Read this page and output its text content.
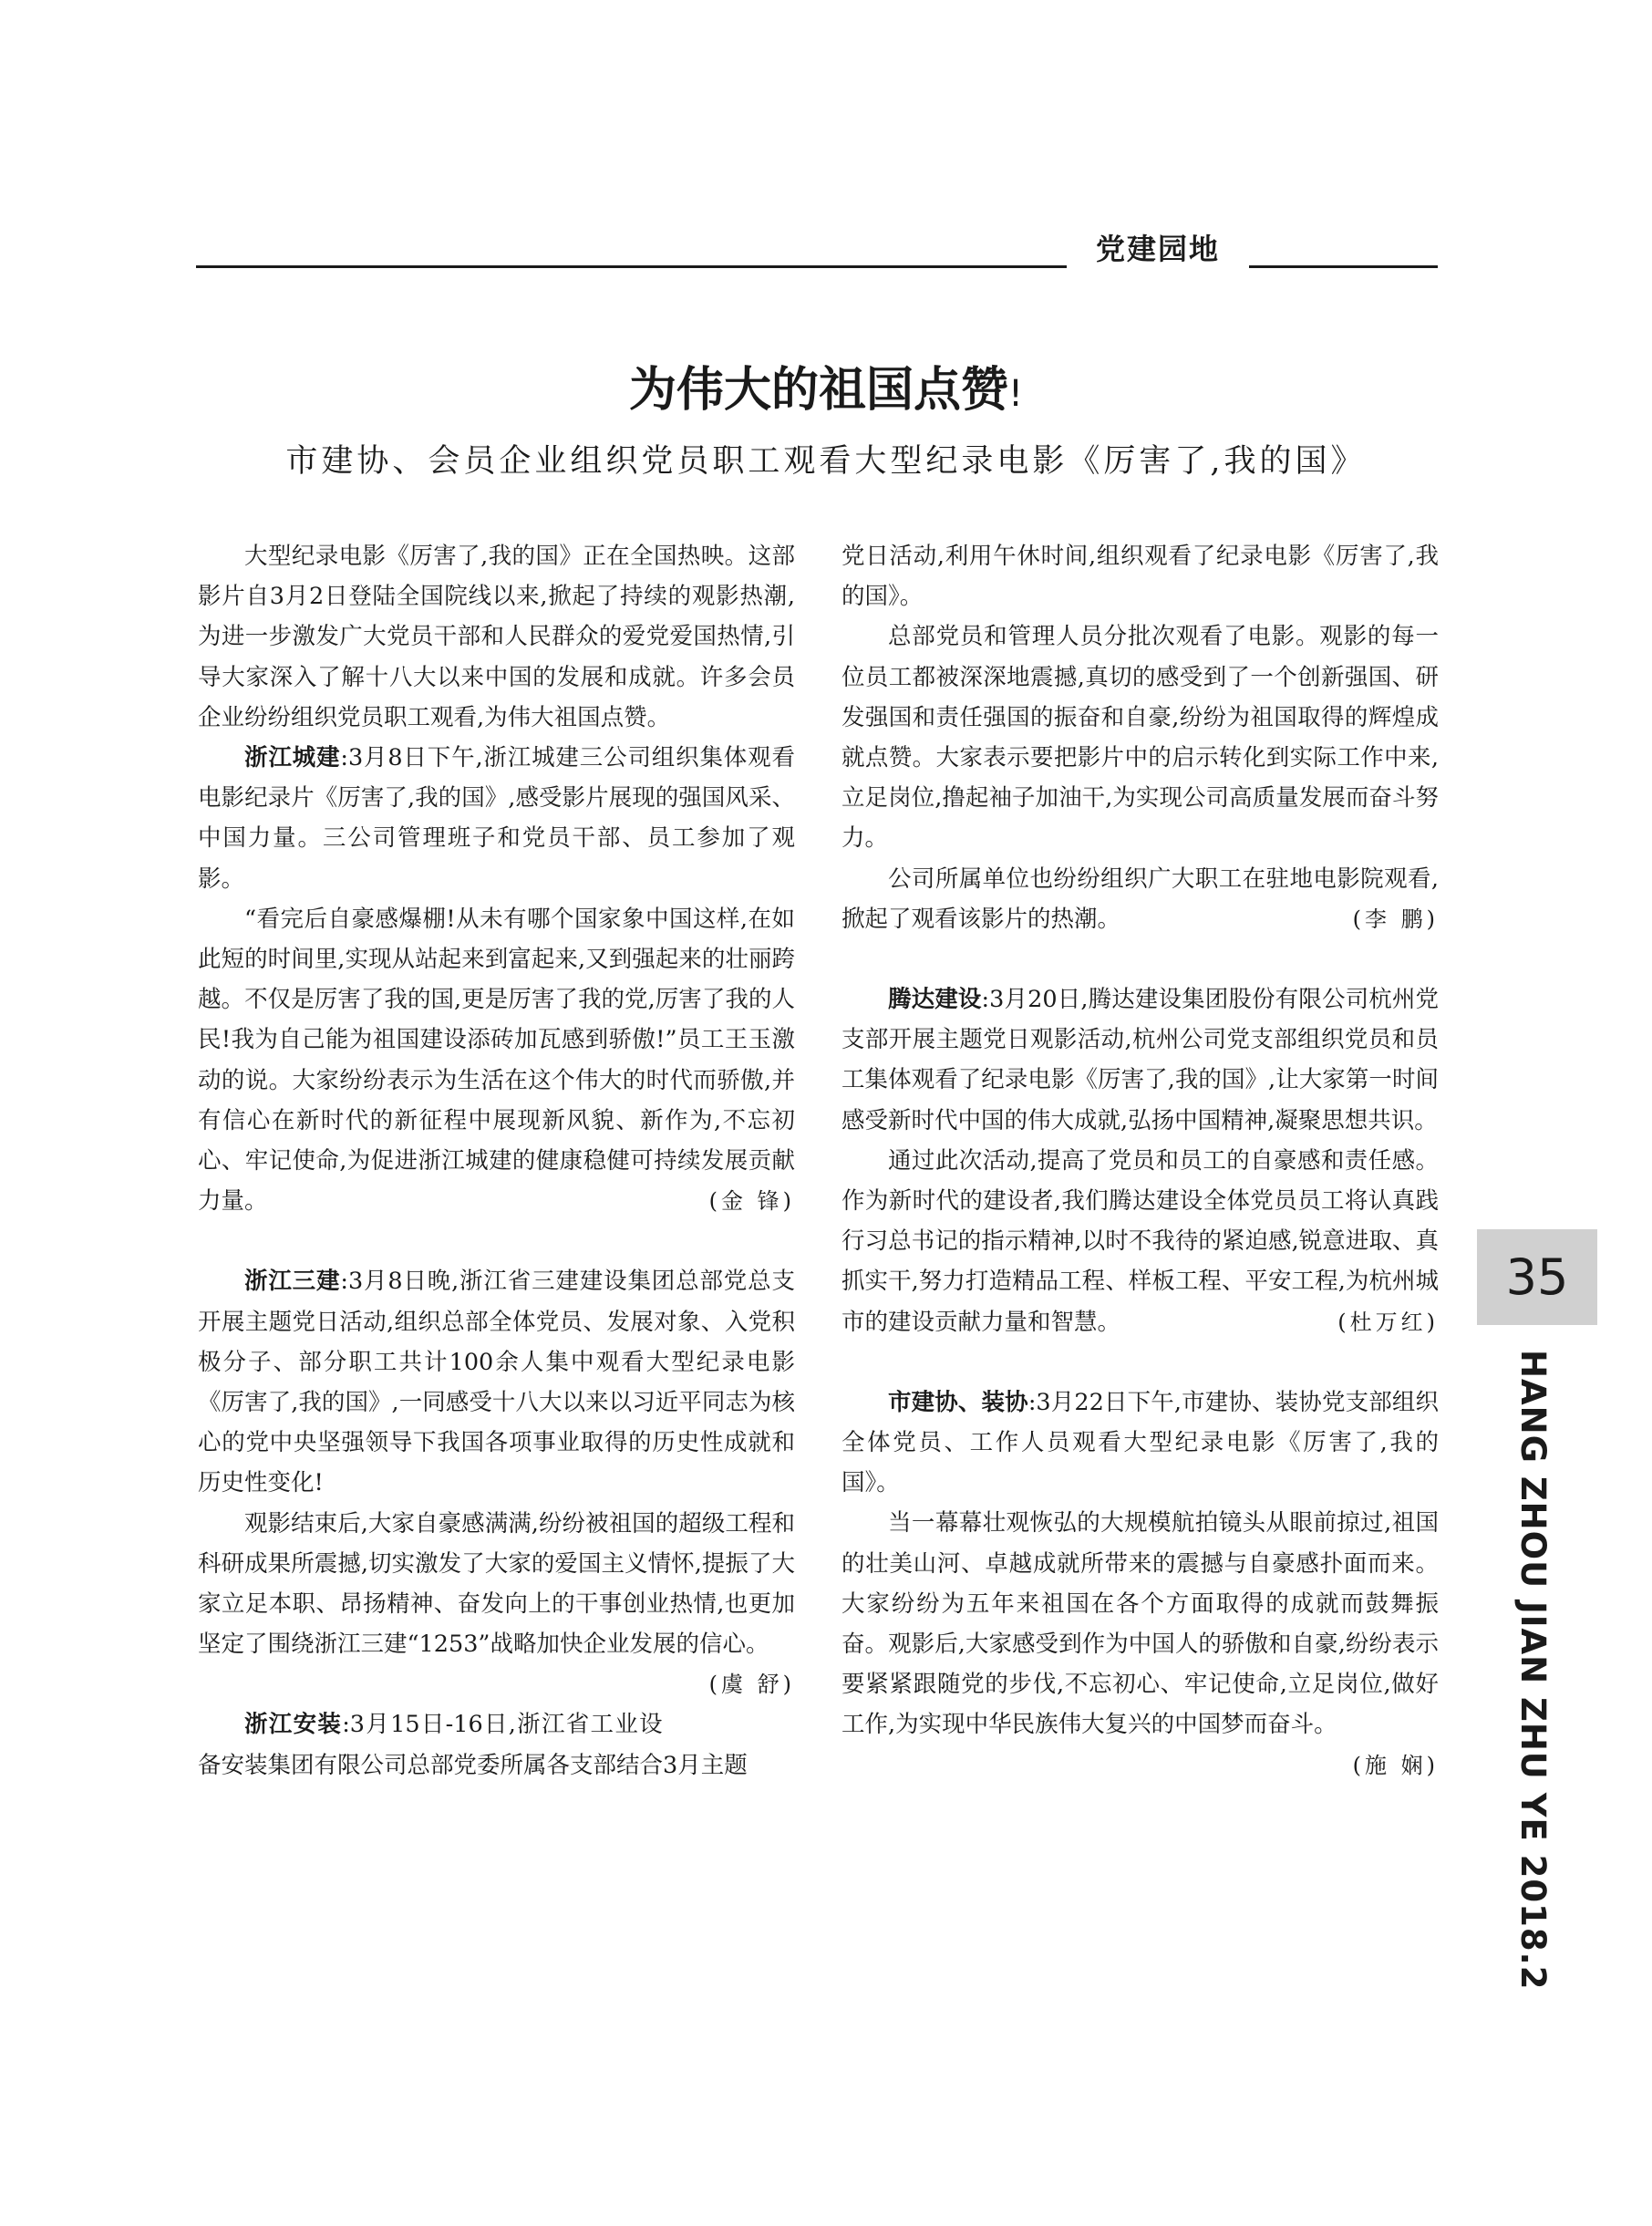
党建园地
为伟大的祖国点赞!
市建协、会员企业组织党员职工观看大型纪录电影《厉害了,我的国》

大型纪录电影《厉害了,我的国》正在全国热映。这部影片自3月2日登陆全国院线以来,掀起了持续的观影热潮,为进一步激发广大党员干部和人民群众的爱党爱国热情,引导大家深入了解十八大以来中国的发展和成就。许多会员企业纷纷组织党员职工观看,为伟大祖国点赞。

浙江城建:3月8日下午,浙江城建三公司组织集体观看电影纪录片《厉害了,我的国》,感受影片展现的强国风采、中国力量。三公司管理班子和党员干部、员工参加了观影。

“看完后自豪感爆棚!从未有哪个国家象中国这样,在如此短的时间里,实现从站起来到富起来,又到强起来的壮丽跨越。不仅是厉害了我的国,更是厉害了我的党,厉害了我的人民!我为自己能为祖国建设添砖加瓦感到骄傲!”员工王玉激动的说。大家纷纷表示为生活在这个伟大的时代而骄傲,并有信心在新时代的新征程中展现新风貌、新作为,不忘初心、牢记使命,为促进浙江城建的健康稳健可持续发展贡献力量。	(金 锋)

浙江三建:3月8日晚,浙江省三建建设集团总部党总支开展主题党日活动,组织总部全体党员、发展对象、入党积极分子、部分职工共计100余人集中观看大型纪录电影《厉害了,我的国》,一同感受十八大以来以习近平同志为核心的党中央坚强领导下我国各项事业取得的历史性成就和历史性变化!

观影结束后,大家自豪感满满,纷纷被祖国的超级工程和科研成果所震撼,切实激发了大家的爱国主义情怀,提振了大家立足本职、昂扬精神、奋发向上的干事创业热情,也更加坚定了围绕浙江三建“1253”战略加快企业发展的信心。
(虞 舒)

浙江安装:3月15日-16日,浙江省工业设备安装集团有限公司总部党委所属各支部结合3月主题

党日活动,利用午休时间,组织观看了纪录电影《厉害了,我的国》。

总部党员和管理人员分批次观看了电影。观影的每一位员工都被深深地震撼,真切的感受到了一个创新强国、研发强国和责任强国的振奋和自豪,纷纷为祖国取得的辉煌成就点赞。大家表示要把影片中的启示转化到实际工作中来,立足岗位,撸起袖子加油干,为实现公司高质量发展而奋斗努力。

公司所属单位也纷纷组织广大职工在驻地电影院观看,掀起了观看该影片的热潮。	(李 鹏)

腾达建设:3月20日,腾达建设集团股份有限公司杭州党支部开展主题党日观影活动,杭州公司党支部组织党员和员工集体观看了纪录电影《厉害了,我的国》,让大家第一时间感受新时代中国的伟大成就,弘扬中国精神,凝聚思想共识。

通过此次活动,提高了党员和员工的自豪感和责任感。作为新时代的建设者,我们腾达建设全体党员员工将认真践行习总书记的指示精神,以时不我待的紧迫感,锐意进取、真抓实干,努力打造精品工程、样板工程、平安工程,为杭州城市的建设贡献力量和智慧。	(杜万红)

市建协、装协:3月22日下午,市建协、装协党支部组织全体党员、工作人员观看大型纪录电影《厉害了,我的国》。

当一幕幕壮观恢弘的大规模航拍镜头从眼前掠过,祖国的壮美山河、卓越成就所带来的震撼与自豪感扑面而来。大家纷纷为五年来祖国在各个方面取得的成就而鼓舞振奋。观影后,大家感受到作为中国人的骄傲和自豪,纷纷表示要紧紧跟随党的步伐,不忘初心、牢记使命,立足岗位,做好工作,为实现中华民族伟大复兴的中国梦而奋斗。

(施 娴)

35
HANG ZHOU JIAN ZHU YE 2018.2
